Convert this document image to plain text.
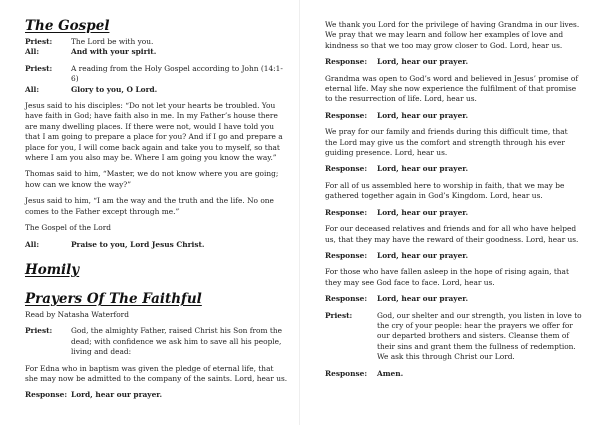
The Gospel
Priest:	The Lord be with you.
All:	And with your spirit.
Priest:	A reading from the Holy Gospel according to John (14:1-6)
All:	Glory to you, O Lord.

Jesus said to his disciples: “Do not let your hearts be troubled. You have faith in God; have faith also in me. In my Father’s house there are many dwelling places. If there were not, would I have told you that I am going to prepare a place for you? And if I go and prepare a place for you, I will come back again and take you to myself, so that where I am you also may be. Where I am going you know the way.”

Thomas said to him, “Master, we do not know where you are going; how can we know the way?”

Jesus said to him, “I am the way and the truth and the life. No one comes to the Father except through me.”

The Gospel of the Lord

All:	Praise to you, Lord Jesus Christ.
Homily
Prayers Of The Faithful

Read by Natasha Waterford

Priest:	God, the almighty Father, raised Christ his Son from the dead; with confidence we ask him to save all his people, living and dead:

For Edna who in baptism was given the pledge of eternal life, that she may now be admitted to the company of the saints. Lord, hear us.

Response: Lord, hear our prayer.

We thank you Lord for the privilege of having Grandma in our lives. We pray that we may learn and follow her examples of love and kindness so that we too may grow closer to God. Lord, hear us.

Response:	Lord, hear our prayer.

Grandma was open to God’s word and believed in Jesus’ promise of eternal life. May she now experience the fulfilment of that promise to the resurrection of life. Lord, hear us.

Response:	Lord, hear our prayer.

We pray for our family and friends during this difficult time, that the Lord may give us the comfort and strength through his ever guiding presence. Lord, hear us.

Response:	Lord, hear our prayer.

For all of us assembled here to worship in faith, that we may be gathered together again in God’s Kingdom. Lord, hear us.

Response:	Lord, hear our prayer.

For our deceased relatives and friends and for all who have helped us, that they may have the reward of their goodness. Lord, hear us.

Response:	Lord, hear our prayer.

For those who have fallen asleep in the hope of rising again, that they may see God face to face. Lord, hear us.

Response:	Lord, hear our prayer.
Priest:	God, our shelter and our strength, you listen in love to the cry of your people: hear the prayers we offer for our departed brothers and sisters. Cleanse them of their sins and grant them the fullness of redemption.
We ask this through Christ our Lord.
Response:	Amen.
